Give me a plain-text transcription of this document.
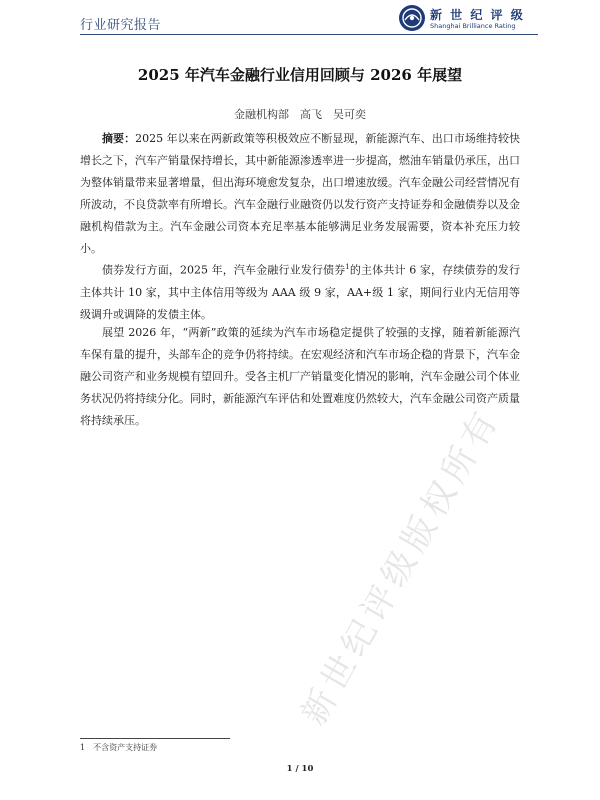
行业研究报告
新 世 纪 评 级
Shanghai Brilliance Rating
2025 年汽车金融行业信用回顾与 2026 年展望
金融机构部　高飞　吴可奕
摘要：2025 年以来在两新政策等积极效应不断显现，新能源汽车、出口市场维持较快增长之下，汽车产销量保持增长，其中新能源渗透率进一步提高，燃油车销量仍承压，出口为整体销量带来显著增量，但出海环境愈发复杂，出口增速放缓。汽车金融公司经营情况有所波动，不良贷款率有所增长。汽车金融行业融资仍以发行资产支持证券和金融债券以及金融机构借款为主。汽车金融公司资本充足率基本能够满足业务发展需要，资本补充压力较小。
债券发行方面，2025 年，汽车金融行业发行债券$^1$的主体共计 6 家，存续债券的发行主体共计 10 家，其中主体信用等级为 AAA 级 9 家，AA+级 1 家，期间行业内无信用等级调升或调降的发债主体。
展望 2026 年，“两新”政策的延续为汽车市场稳定提供了较强的支撑，随着新能源汽车保有量的提升，头部车企的竞争仍将持续。在宏观经济和汽车市场企稳的背景下，汽车金融公司资产和业务规模有望回升。受各主机厂产销量变化情况的影响，汽车金融公司个体业务状况仍将持续分化。同时，新能源汽车评估和处置难度仍然较大，汽车金融公司资产质量将持续承压。	新世纪评级版权所有
1　不含资产支持证券
1 / 10
